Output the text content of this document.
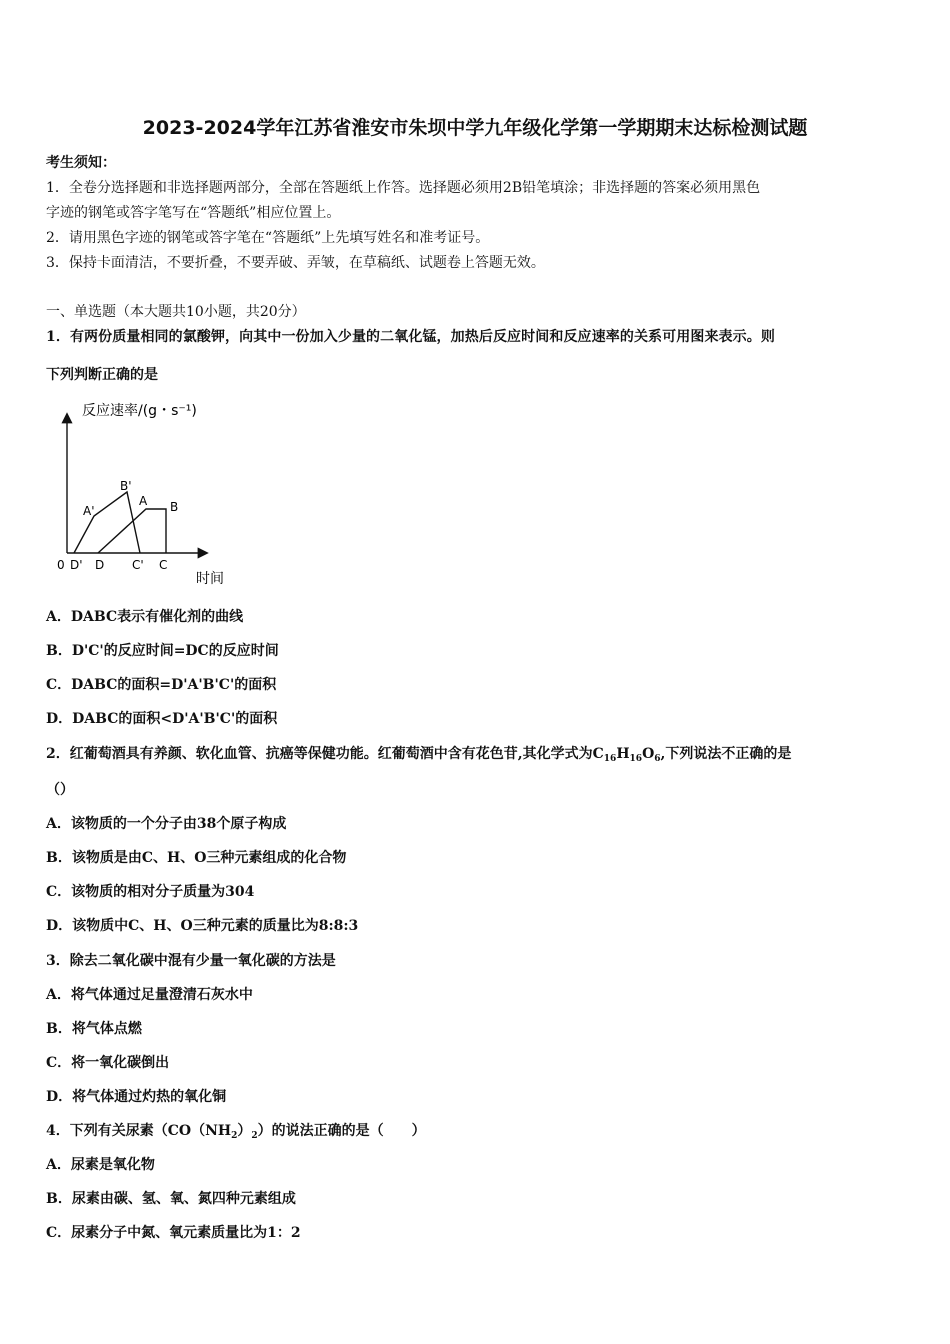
2023-2024学年江苏省淮安市朱坝中学九年级化学第一学期期末达标检测试题
考生须知：
1．全卷分选择题和非选择题两部分，全部在答题纸上作答。选择题必须用2B铅笔填涂；非选择题的答案必须用黑色
字迹的钢笔或答字笔写在“答题纸”相应位置上。
2．请用黑色字迹的钢笔或答字笔在“答题纸”上先填写姓名和准考证号。
3．保持卡面清洁，不要折叠，不要弄破、弄皱，在草稿纸、试题卷上答题无效。
一、单选题（本大题共10小题，共20分）
1．有两份质量相同的氯酸钾，向其中一份加入少量的二氧化锰，加热后反应时间和反应速率的关系可用图来表示。则
下列判断正确的是
反应速率/(g・s⁻¹)
时间
0 D' D C' C
A'
B'
A B
A．DABC表示有催化剂的曲线
B．D'C'的反应时间=DC的反应时间
C．DABC的面积=D'A'B'C'的面积
D．DABC的面积<D'A'B'C'的面积
2．红葡萄酒具有养颜、软化血管、抗癌等保健功能。红葡萄酒中含有花色苷,其化学式为$C_{16}H_{16}O_6$,下列说法不正确的是
（）
A．该物质的一个分子由38个原子构成
B．该物质是由C、H、O三种元素组成的化合物
C．该物质的相对分子质量为304
D．该物质中C、H、O三种元素的质量比为8:8:3
3．除去二氧化碳中混有少量一氧化碳的方法是
A．将气体通过足量澄清石灰水中
B．将气体点燃
C．将一氧化碳倒出
D．将气体通过灼热的氧化铜
4．下列有关尿素$(CO(NH_2)_2)$的说法正确的是（　　）
A．尿素是氧化物
B．尿素由碳、氢、氧、氮四种元素组成
C．尿素分子中氮、氧元素质量比为1：2
